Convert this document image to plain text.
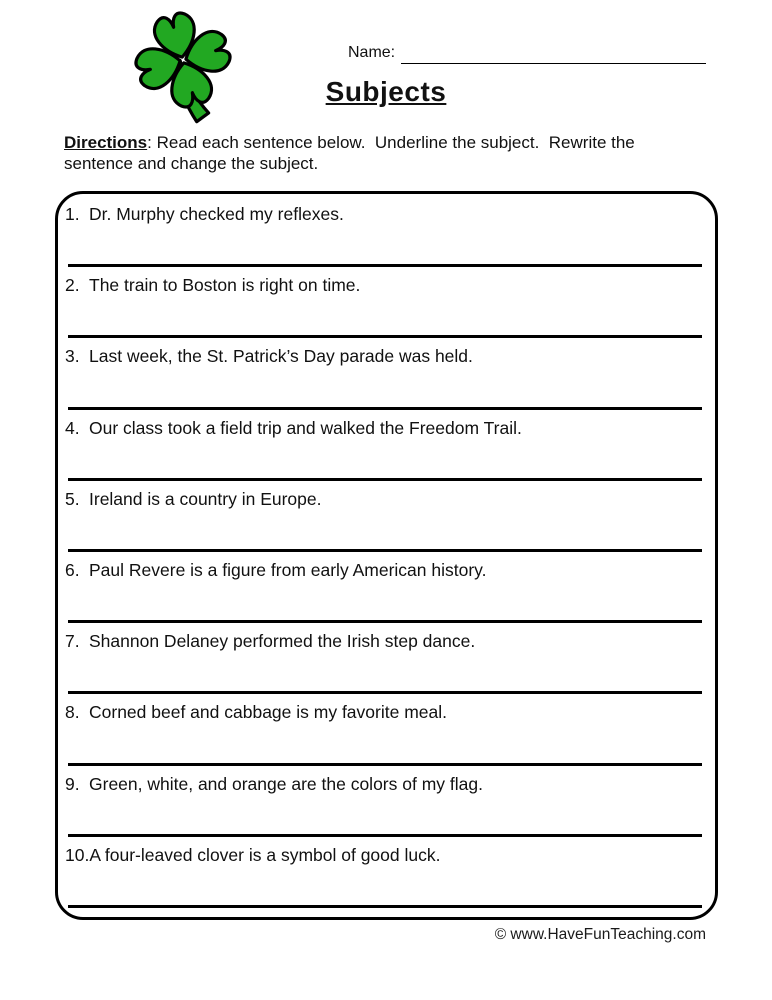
Name:
Subjects

Directions: Read each sentence below.  Underline the subject.  Rewrite the sentence and change the subject.

1. Dr. Murphy checked my reflexes.
2. The train to Boston is right on time.
3. Last week, the St. Patrick’s Day parade was held.
4. Our class took a field trip and walked the Freedom Trail.
5. Ireland is a country in Europe.
6. Paul Revere is a figure from early American history.
7. Shannon Delaney performed the Irish step dance.
8. Corned beef and cabbage is my favorite meal.
9. Green, white, and orange are the colors of my flag.
10. A four-leaved clover is a symbol of good luck.
© www.HaveFunTeaching.com
